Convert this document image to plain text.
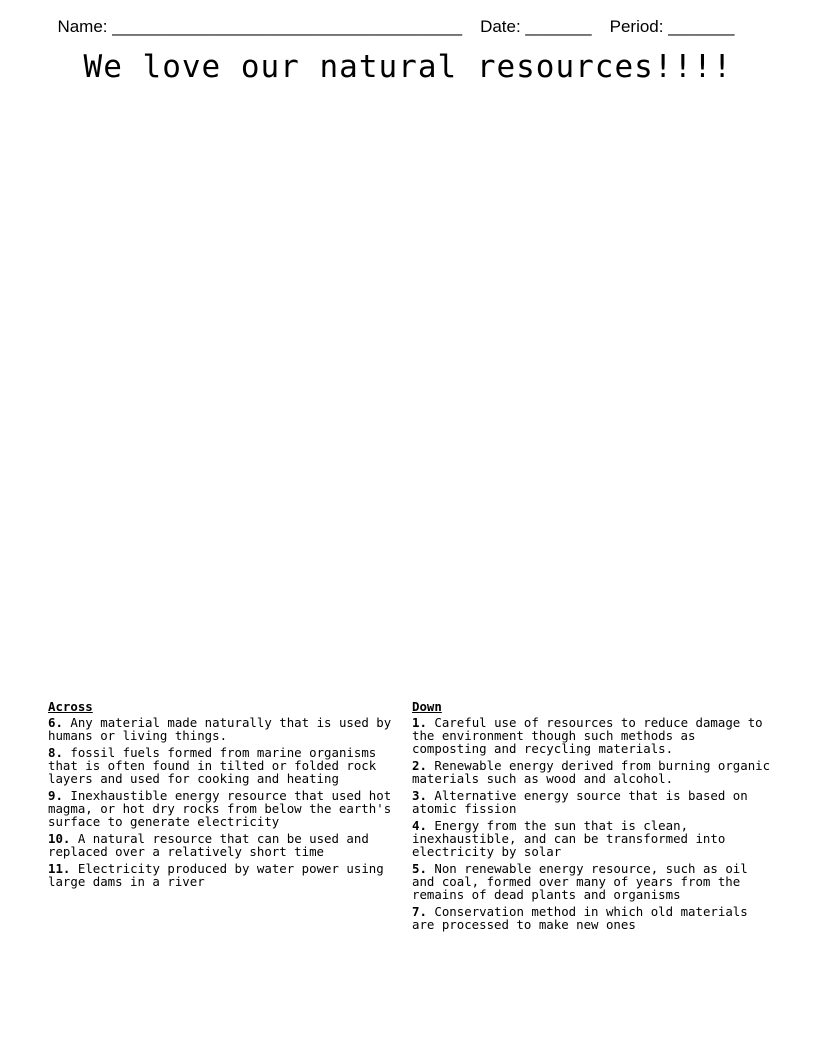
Name: _____________________________________ Date: _______ Period: _______

We love our natural resources!!!!
Across
6. Any material made naturally that is used by humans or living things.
8. fossil fuels formed from marine organisms that is often found in tilted or folded rock layers and used for cooking and heating
9. Inexhaustible energy resource that used hot magma, or hot dry rocks from below the earth's surface to generate electricity
10. A natural resource that can be used and replaced over a relatively short time
11. Electricity produced by water power using large dams in a river
Down
1. Careful use of resources to reduce damage to the environment though such methods as composting and recycling materials.
2. Renewable energy derived from burning organic materials such as wood and alcohol.
3. Alternative energy source that is based on atomic fission
4. Energy from the sun that is clean, inexhaustible, and can be transformed into electricity by solar
5. Non renewable energy resource, such as oil and coal, formed over many of years from the remains of dead plants and organisms
7. Conservation method in which old materials are processed to make new ones
